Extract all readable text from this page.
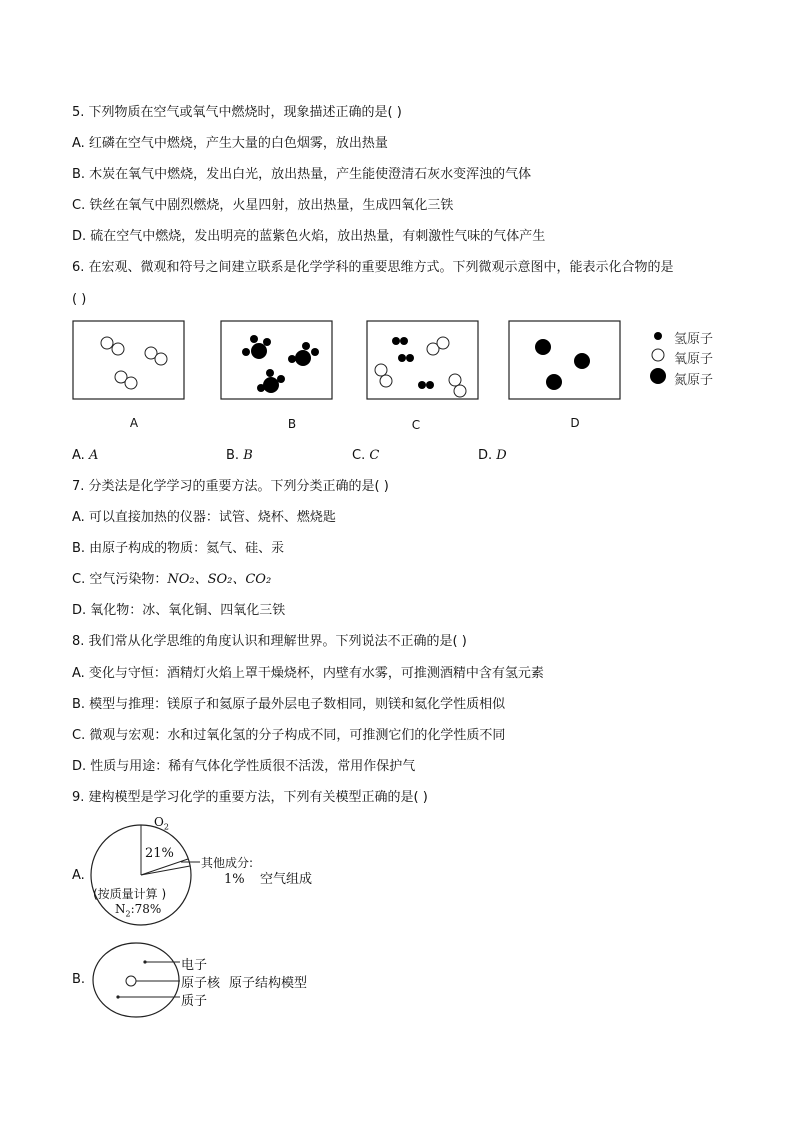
5. 下列物质在空气或氧气中燃烧时，现象描述正确的是( )
A. 红磷在空气中燃烧，产生大量的白色烟雾，放出热量
B. 木炭在氧气中燃烧，发出白光，放出热量，产生能使澄清石灰水变浑浊的气体
C. 铁丝在氧气中剧烈燃烧，火星四射，放出热量，生成四氧化三铁
D. 硫在空气中燃烧，发出明亮的蓝紫色火焰，放出热量，有刺激性气味的气体产生
6. 在宏观、微观和符号之间建立联系是化学学科的重要思维方式。下列微观示意图中，能表示化合物的是
( )
氢原子
氧原子
氮原子
A	B	C	D
A. A	B. B	C. C	D. D
7. 分类法是化学学习的重要方法。下列分类正确的是( )
A. 可以直接加热的仪器：试管、烧杯、燃烧匙
B. 由原子构成的物质：氦气、硅、汞
C. 空气污染物：NO₂、SO₂、CO₂
D. 氧化物：冰、氧化铜、四氧化三铁
8. 我们常从化学思维的角度认识和理解世界。下列说法不正确的是( )
A. 变化与守恒：酒精灯火焰上罩干燥烧杯，内壁有水雾，可推测酒精中含有氢元素
B. 模型与推理：镁原子和氦原子最外层电子数相同，则镁和氦化学性质相似
C. 微观与宏观：水和过氧化氢的分子构成不同，可推测它们的化学性质不同
D. 性质与用途：稀有气体化学性质很不活泼，常用作保护气
9. 建构模型是学习化学的重要方法，下列有关模型正确的是( )
A.
$O_2$
21%
其他成分:
1% 空气组成
(按质量计算 )
$N_2:78\%$
B.
电子
原子核 原子结构模型
质子
